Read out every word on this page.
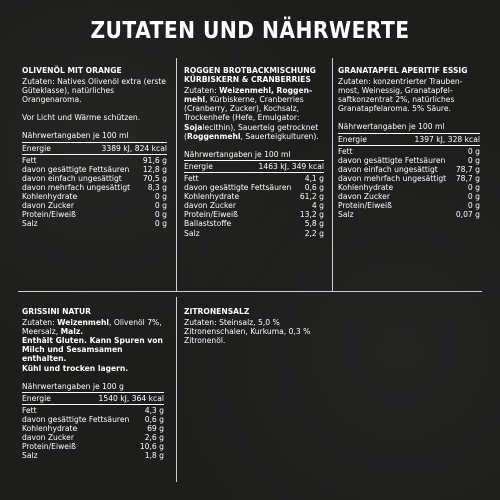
ZUTATEN UND NÄHRWERTE
OLIVENÖL MIT ORANGE
Zutaten: Natives Olivenöl extra (erste Güteklasse), natürliches Orangenaroma.
Vor Licht und Wärme schützen.
Nährwertangaben je 100 ml
Energie	3389 kJ, 824 kcal
Fett	91,6 g
davon gesättigte Fettsäuren 12,8 g
davon einfach ungesättigt	70,5 g
davon mehrfach ungesättigt 8,3 g
Kohlenhydrate	0 g
davon Zucker	0 g
Protein/Eiweiß	0 g
Salz	0 g
ROGGEN BROTBACKMISCHUNG
KÜRBISKERN & CRANBERRIES
Zutaten: Weizenmehl, Roggen-mehl, Kürbiskerne, Cranberries (Cranberry, Zucker), Kochsalz, Trockenhefe (Hefe, Emulgator: Sojalecithin), Sauerteig getrocknet (Roggenmehl, Sauerteigkulturen).
Nährwertangaben je 100 ml
Energie	1463 kJ, 349 kcal
Fett	4,1 g
davon gesättigte Fettsäuren 0,6 g
Kohlenhydrate	61,2 g
davon Zucker	4 g
Protein/Eiweiß	13,2 g
Ballaststoffe	5,8 g
Salz	2,2 g
GRANATAPFEL APERITIF ESSIG
Zutaten: konzentrierter Trauben-most, Weinessig, Granatapfel-saftkonzentrat 2%, natürliches Granatapfelaroma. 5% Säure.
Nährwertangaben je 100 ml
Energie	1397 kJ, 328 kcal
Fett	0 g
davon gesättigte Fettsäuren	0 g
davon einfach ungesättigt 78,7 g
davon mehrfach ungesättigt 78,7 g
Kohlenhydrate	0 g
davon Zucker	0 g
Protein/Eiweiß	0 g
Salz	0,07 g
GRISSINI NATUR
Zutaten: Weizenmehl, Olivenöl 7%, Meersalz, Malz.
Enthält Gluten. Kann Spuren von Milch und Sesamsamen enthalten.
Kühl und trocken lagern.
Nährwertangaben je 100 g
Energie	1540 kJ, 364 kcal
Fett	4,3 g
davon gesättigte Fettsäuren 0,6 g
Kohlenhydrate	69 g
davon Zucker	2,6 g
Protein/Eiweiß	10,6 g
Salz	1,8 g
ZITRONENSALZ
Zutaten: Steinsalz, 5,0 % Zitronenschalen, Kurkuma, 0,3 % Zitronenöl.
